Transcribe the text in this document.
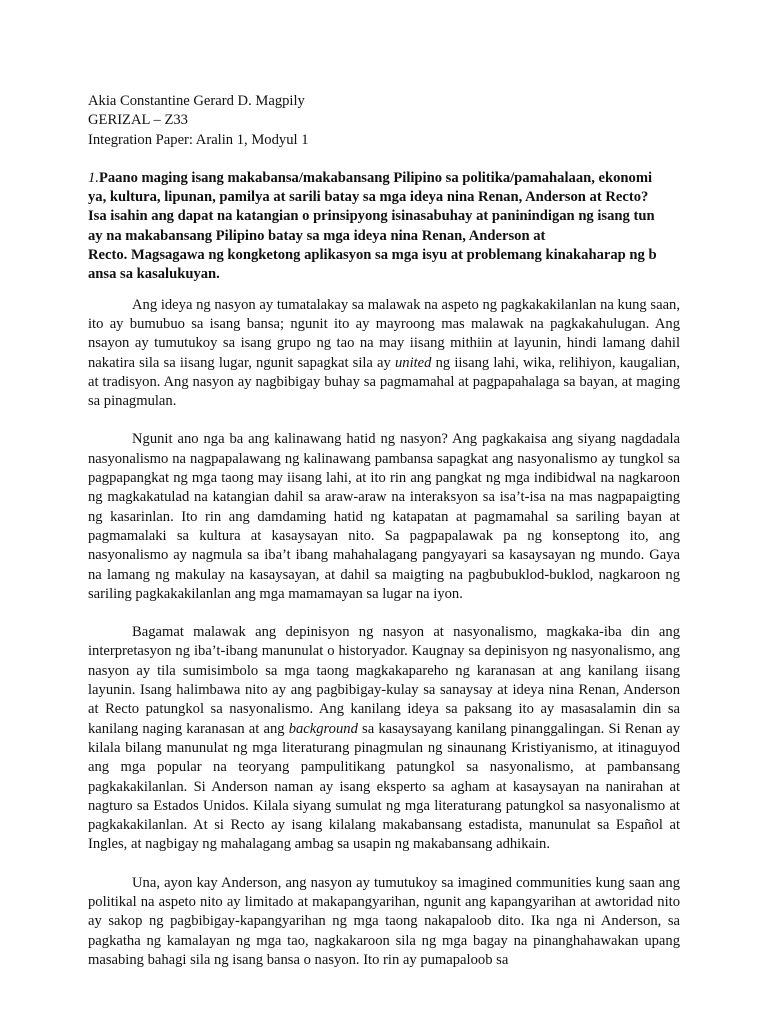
Akia Constantine Gerard D. Magpily
GERIZAL – Z33
Integration Paper: Aralin 1, Modyul 1
1.Paano maging isang makabansa/makabansang Pilipino sa politika/pamahalaan, ekonomi
ya, kultura, lipunan, pamilya at sarili batay sa mga ideya nina Renan, Anderson at Recto?
Isa isahin ang dapat na katangian o prinsipyong isinasabuhay at paninindigan ng isang tun
ay na makabansang Pilipino batay sa mga ideya nina Renan, Anderson at
Recto. Magsagawa ng kongketong aplikasyon sa mga isyu at problemang kinakaharap ng b
ansa sa kasalukuyan.

Ang ideya ng nasyon ay tumatalakay sa malawak na aspeto ng pagkakakilanlan na kung saan, ito ay bumubuo sa isang bansa; ngunit ito ay mayroong mas malawak na pagkakahulugan. Ang nsayon ay tumutukoy sa isang grupo ng tao na may iisang mithiin at layunin, hindi lamang dahil nakatira sila sa iisang lugar, ngunit sapagkat sila ay united ng iisang lahi, wika, relihiyon, kaugalian, at tradisyon. Ang nasyon ay nagbibigay buhay sa pagmamahal at pagpapahalaga sa bayan, at maging sa pinagmulan.

Ngunit ano nga ba ang kalinawang hatid ng nasyon? Ang pagkakaisa ang siyang nagdadala nasyonalismo na nagpapalawang ng kalinawang pambansa sapagkat ang nasyonalismo ay tungkol sa pagpapangkat ng mga taong may iisang lahi, at ito rin ang pangkat ng mga indibidwal na nagkaroon ng magkakatulad na katangian dahil sa araw-araw na interaksyon sa isa’t-isa na mas nagpapaigting ng kasarinlan. Ito rin ang damdaming hatid ng katapatan at pagmamahal sa sariling bayan at pagmamalaki sa kultura at kasaysayan nito. Sa pagpapalawak pa ng konseptong ito, ang nasyonalismo ay nagmula sa iba’t ibang mahahalagang pangyayari sa kasaysayan ng mundo. Gaya na lamang ng makulay na kasaysayan, at dahil sa maigting na pagbubuklod-buklod, nagkaroon ng sariling pagkakakilanlan ang mga mamamayan sa lugar na iyon.

Bagamat malawak ang depinisyon ng nasyon at nasyonalismo, magkaka-iba din ang interpretasyon ng iba’t-ibang manunulat o historyador. Kaugnay sa depinisyon ng nasyonalismo, ang nasyon ay tila sumisimbolo sa mga taong magkakapareho ng karanasan at ang kanilang iisang layunin. Isang halimbawa nito ay ang pagbibigay-kulay sa sanaysay at ideya nina Renan, Anderson at Recto patungkol sa nasyonalismo. Ang kanilang ideya sa paksang ito ay masasalamin din sa kanilang naging karanasan at ang background sa kasaysayang kanilang pinanggalingan. Si Renan ay kilala bilang manunulat ng mga literaturang pinagmulan ng sinaunang Kristiyanismo, at itinaguyod ang mga popular na teoryang pampulitikang patungkol sa nasyonalismo, at pambansang pagkakakilanlan. Si Anderson naman ay isang eksperto sa agham at kasaysayan na nanirahan at nagturo sa Estados Unidos. Kilala siyang sumulat ng mga literaturang patungkol sa nasyonalismo at pagkakakilanlan. At si Recto ay isang kilalang makabansang estadista, manunulat sa Español at Ingles, at nagbigay ng mahalagang ambag sa usapin ng makabansang adhikain.

Una, ayon kay Anderson, ang nasyon ay tumutukoy sa imagined communities kung saan ang politikal na aspeto nito ay limitado at makapangyarihan, ngunit ang kapangyarihan at awtoridad nito ay sakop ng pagbibigay-kapangyarihan ng mga taong nakapaloob dito. Ika nga ni Anderson, sa pagkatha ng kamalayan ng mga tao, nagkakaroon sila ng mga bagay na pinanghahawakan upang masabing bahagi sila ng isang bansa o nasyon. Ito rin ay pumapaloob sa
